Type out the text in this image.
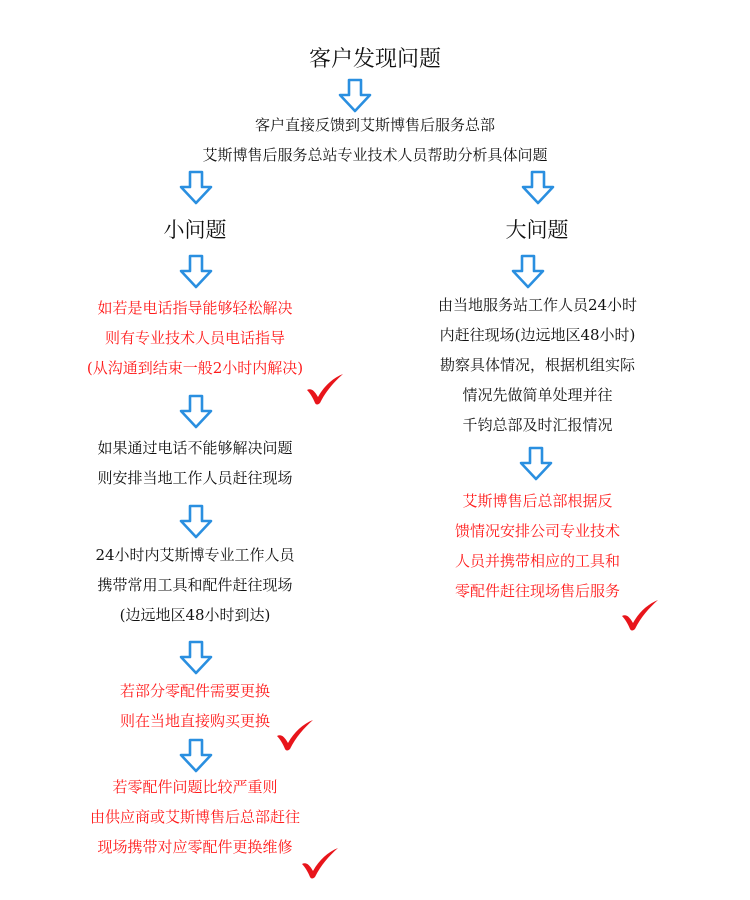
客户发现问题
客户直接反馈到艾斯博售后服务总部
艾斯博售后服务总站专业技术人员帮助分析具体问题
小问题	大问题
如若是电话指导能够轻松解决
则有专业技术人员电话指导
(从沟通到结束一般2小时内解决)
如果通过电话不能够解决问题
则安排当地工作人员赶往现场
24小时内艾斯博专业工作人员
携带常用工具和配件赶往现场
(边远地区48小时到达)
若部分零配件需要更换
则在当地直接购买更换
若零配件问题比较严重则
由供应商或艾斯博售后总部赶往
现场携带对应零配件更换维修
由当地服务站工作人员24小时
内赶往现场(边远地区48小时)
勘察具体情况，根据机组实际
情况先做简单处理并往
千钧总部及时汇报情况
艾斯博售后总部根据反
馈情况安排公司专业技术
人员并携带相应的工具和
零配件赶往现场售后服务
